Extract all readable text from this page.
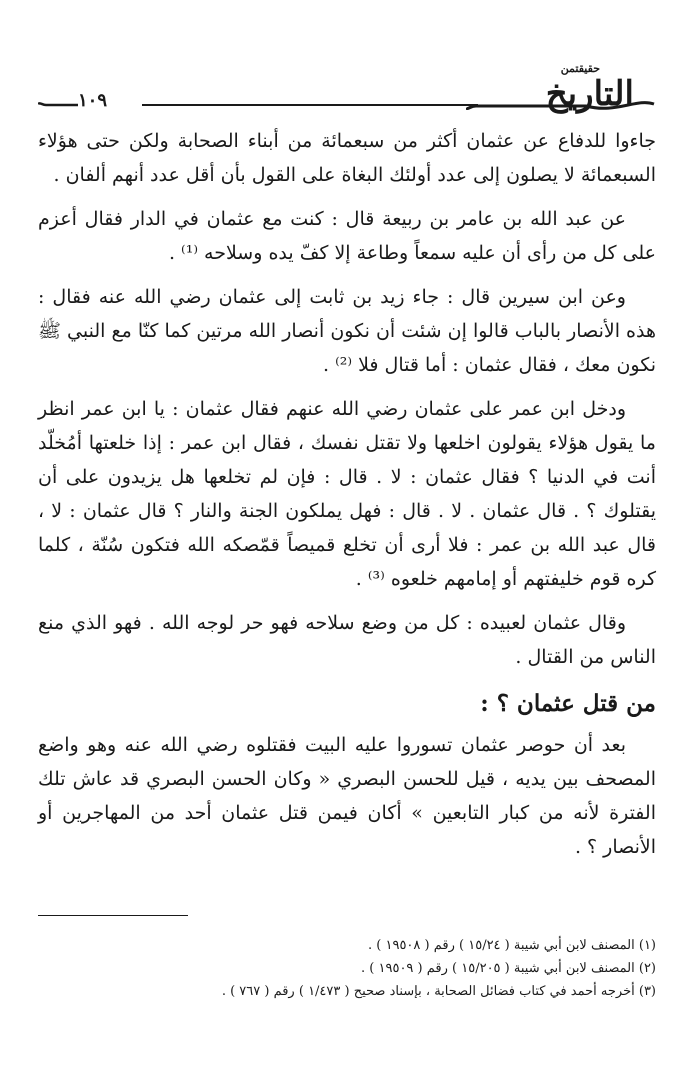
حقيقتمن
التاريخ
١٠٩

جاءوا للدفاع عن عثمان أكثر من سبعمائة من أبناء الصحابة ولكن حتى هؤلاء السبعمائة لا يصلون إلى عدد أولئك البغاة على القول بأن أقل عدد أنهم ألفان .

عن عبد الله بن عامر بن ربيعة قال : كنت مع عثمان في الدار فقال أعزم على كل من رأى أن عليه سمعاً وطاعة إلا كفّ يده وسلاحه ⁽¹⁾ .

وعن ابن سيرين قال : جاء زيد بن ثابت إلى عثمان رضي الله عنه فقال : هذه الأنصار بالباب قالوا إن شئت أن نكون أنصار الله مرتين كما كنّا مع النبي ﷺ نكون معك ، فقال عثمان : أما قتال فلا ⁽²⁾ .

ودخل ابن عمر على عثمان رضي الله عنهم فقال عثمان : يا ابن عمر انظر ما يقول هؤلاء يقولون اخلعها ولا تقتل نفسك ، فقال ابن عمر : إذا خلعتها أمُخلّد أنت في الدنيا ؟ فقال عثمان : لا . قال : فإن لم تخلعها هل يزيدون على أن يقتلوك ؟ . قال عثمان . لا . قال : فهل يملكون الجنة والنار ؟ قال عثمان : لا ، قال عبد الله بن عمر : فلا أرى أن تخلع قميصاً قمّصكه الله فتكون سُنّة ، كلما كره قوم خليفتهم أو إمامهم خلعوه ⁽³⁾ .

وقال عثمان لعبيده : كل من وضع سلاحه فهو حر لوجه الله . فهو الذي منع الناس من القتال .

من قتل عثمان ؟ :

بعد أن حوصر عثمان تسوروا عليه البيت فقتلوه رضي الله عنه وهو واضع المصحف بين يديه ، قيل للحسن البصري « وكان الحسن البصري قد عاش تلك الفترة لأنه من كبار التابعين » أكان فيمن قتل عثمان أحد من المهاجرين أو الأنصار ؟ .

(١) المصنف لابن أبي شيبة ( ١٥/٢٤ ) رقم ( ١٩٥٠٨ ) .
(٢) المصنف لابن أبي شيبة ( ١٥/٢٠٥ ) رقم ( ١٩٥٠٩ ) .
(٣) أخرجه أحمد في كتاب فضائل الصحابة ، بإسناد صحيح ( ١/٤٧٣ ) رقم ( ٧٦٧ ) .
